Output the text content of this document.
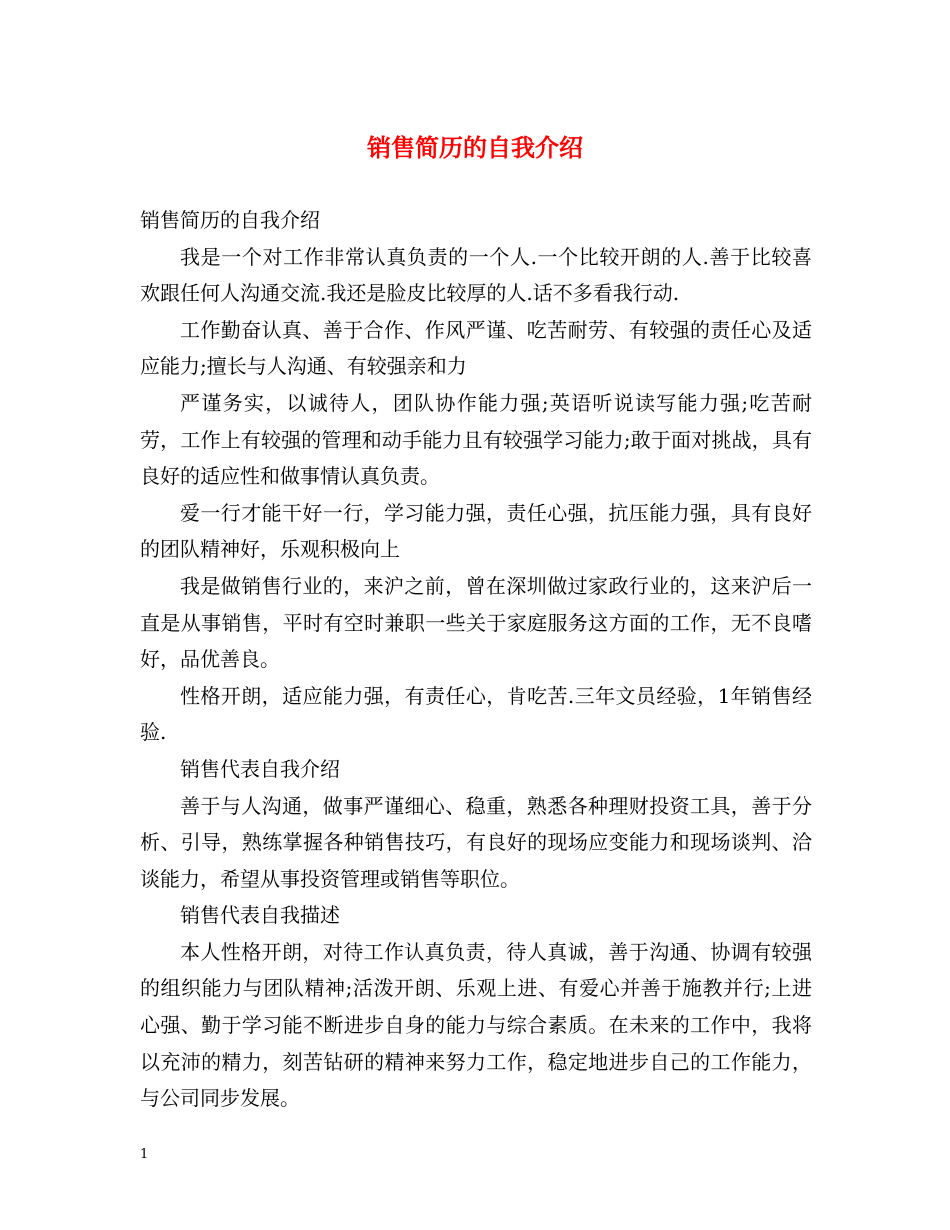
销售简历的自我介绍

销售简历的自我介绍

我是一个对工作非常认真负责的一个人.一个比较开朗的人.善于比较喜欢跟任何人沟通交流.我还是脸皮比较厚的人.话不多看我行动.

工作勤奋认真、善于合作、作风严谨、吃苦耐劳、有较强的责任心及适应能力;擅长与人沟通、有较强亲和力

严谨务实，以诚待人，团队协作能力强;英语听说读写能力强;吃苦耐劳，工作上有较强的管理和动手能力且有较强学习能力;敢于面对挑战，具有良好的适应性和做事情认真负责。

爱一行才能干好一行，学习能力强，责任心强，抗压能力强，具有良好的团队精神好，乐观积极向上

我是做销售行业的，来沪之前，曾在深圳做过家政行业的，这来沪后一直是从事销售，平时有空时兼职一些关于家庭服务这方面的工作，无不良嗜好，品优善良。

性格开朗，适应能力强，有责任心，肯吃苦.三年文员经验，1年销售经验.

销售代表自我介绍

善于与人沟通，做事严谨细心、稳重，熟悉各种理财投资工具，善于分析、引导，熟练掌握各种销售技巧，有良好的现场应变能力和现场谈判、洽谈能力，希望从事投资管理或销售等职位。

销售代表自我描述

本人性格开朗，对待工作认真负责，待人真诚，善于沟通、协调有较强的组织能力与团队精神;活泼开朗、乐观上进、有爱心并善于施教并行;上进心强、勤于学习能不断进步自身的能力与综合素质。在未来的工作中，我将以充沛的精力，刻苦钻研的精神来努力工作，稳定地进步自己的工作能力，与公司同步发展。

1
